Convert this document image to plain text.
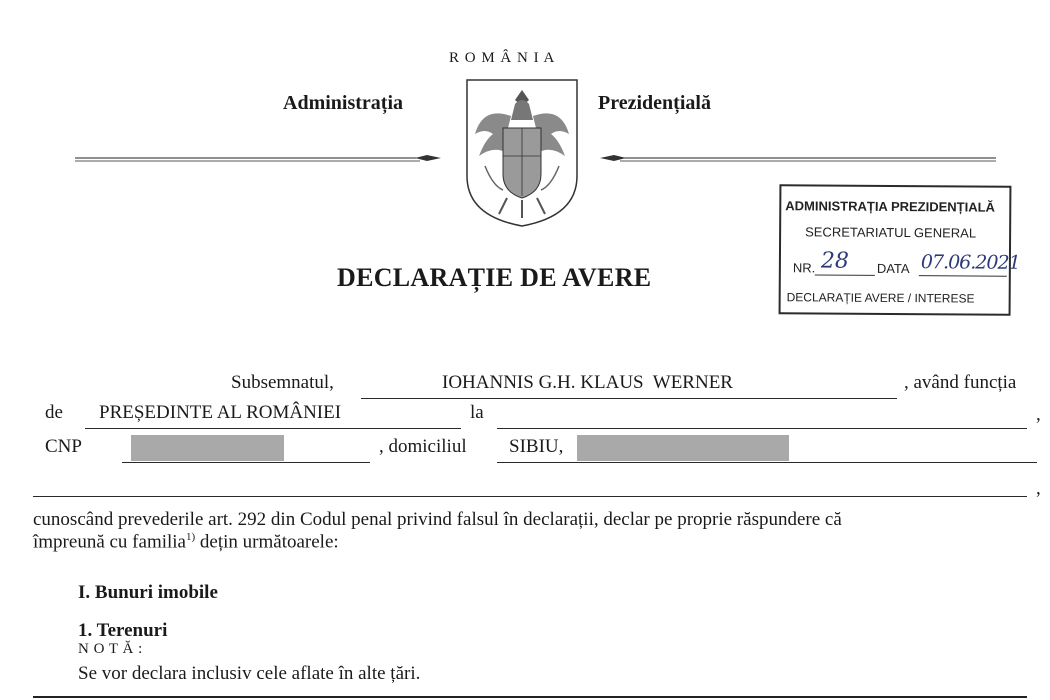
R O M Â N I A
Administrația	Prezidențială
ADMINISTRAȚIA PREZIDENȚIALĂ
SECRETARIATUL GENERAL
NR. 28 DATA 07.06.2021
DECLARAȚIE AVERE / INTERESE
DECLARAȚIE DE AVERE
Subsemnatul,	IOHANNIS G.H. KLAUS  WERNER	, având funcția
de PREȘEDINTE AL ROMÂNIEI	la	,
CNP	, domiciliul SIBIU,
,
cunoscând prevederile art. 292 din Codul penal privind falsul în declarații, declar pe proprie răspundere că
împreună cu familia$^{1)}$ dețin următoarele:
I. Bunuri imobile
1. Terenuri
N O T Ă :
Se vor declara inclusiv cele aflate în alte țări.
